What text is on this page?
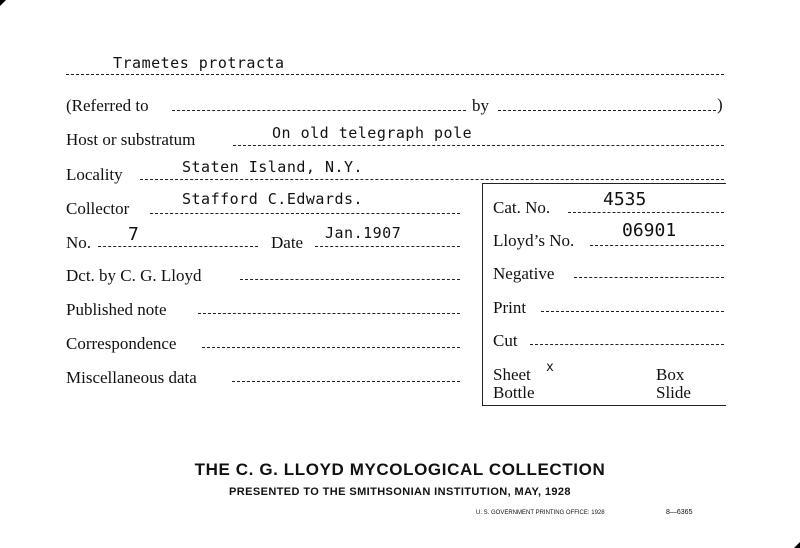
Trametes protracta
(Referred to	by	)
Host or substratum	On old telegraph pole
Locality	Staten Island, N.Y.
Collector	Stafford C.Edwards.
No. 7	Date Jan.1907
Dct. by C. G. Lloyd
Published note
Correspondence
Miscellaneous data
Cat. No.	4535
Lloyd’s No.	06901
Negative
Print
Cut
Sheet x	Box
Bottle	Slide
THE C. G. LLOYD MYCOLOGICAL COLLECTION
PRESENTED TO THE SMITHSONIAN INSTITUTION, MAY, 1928
U. S. GOVERNMENT PRINTING OFFICE: 1928	8—6365
